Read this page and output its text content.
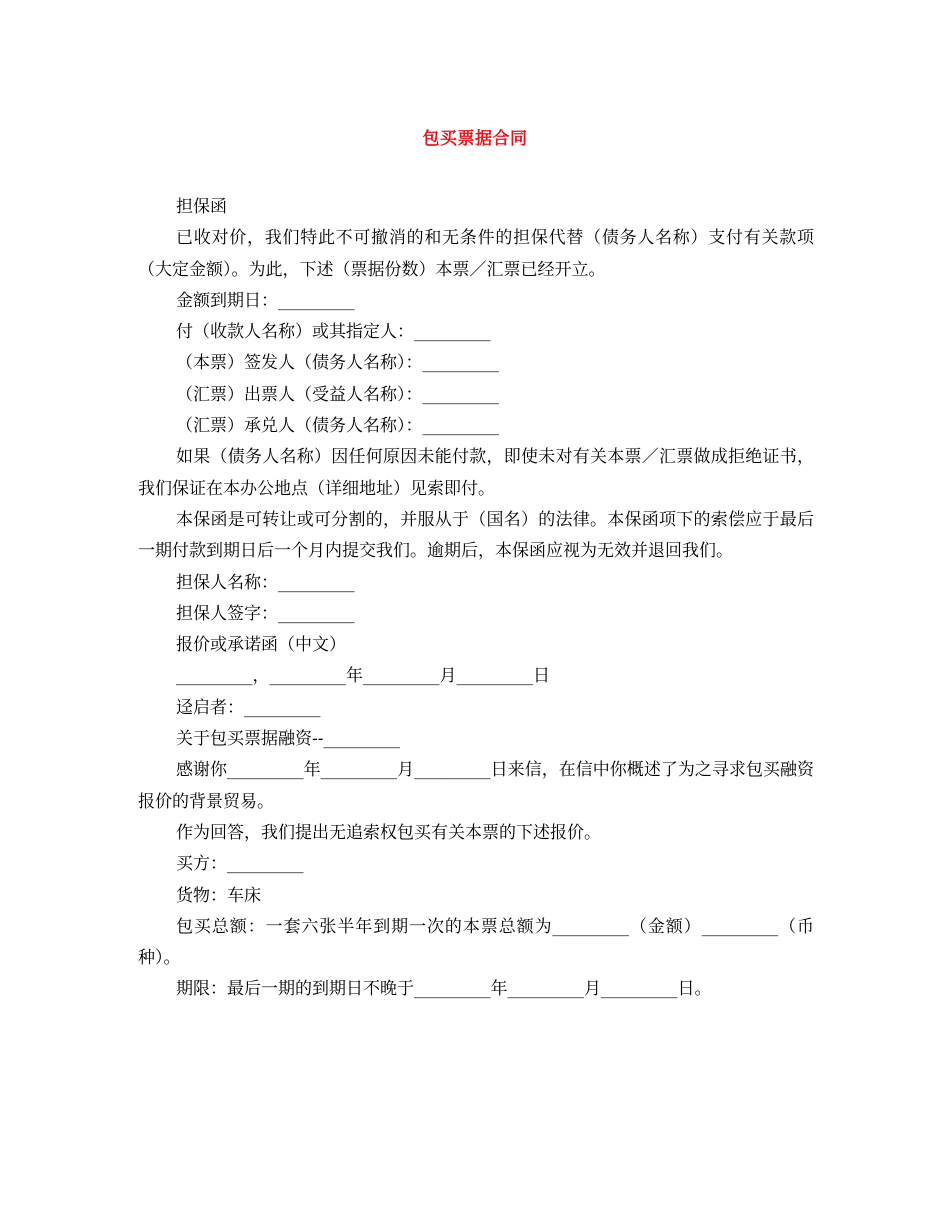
包买票据合同

担保函

已收对价，我们特此不可撤消的和无条件的担保代替（债务人名称）支付有关款项（大定金额）。为此，下述（票据份数）本票／汇票已经开立。

金额到期日：_________

付（收款人名称）或其指定人：_________

（本票）签发人（债务人名称）：_________

（汇票）出票人（受益人名称）：_________

（汇票）承兑人（债务人名称）：_________

如果（债务人名称）因任何原因未能付款，即使未对有关本票／汇票做成拒绝证书，我们保证在本办公地点（详细地址）见索即付。

本保函是可转让或可分割的，并服从于（国名）的法律。本保函项下的索偿应于最后一期付款到期日后一个月内提交我们。逾期后，本保函应视为无效并退回我们。

担保人名称：_________

担保人签字：_________

报价或承诺函（中文）

_________，_________年_________月_________日

迳启者：_________

关于包买票据融资--_________

感谢你_________年_________月_________日来信，在信中你概述了为之寻求包买融资报价的背景贸易。

作为回答，我们提出无追索权包买有关本票的下述报价。

买方：_________

货物：车床

包买总额：一套六张半年到期一次的本票总额为_________（金额）_________（币种）。

期限：最后一期的到期日不晚于_________年_________月_________日。
